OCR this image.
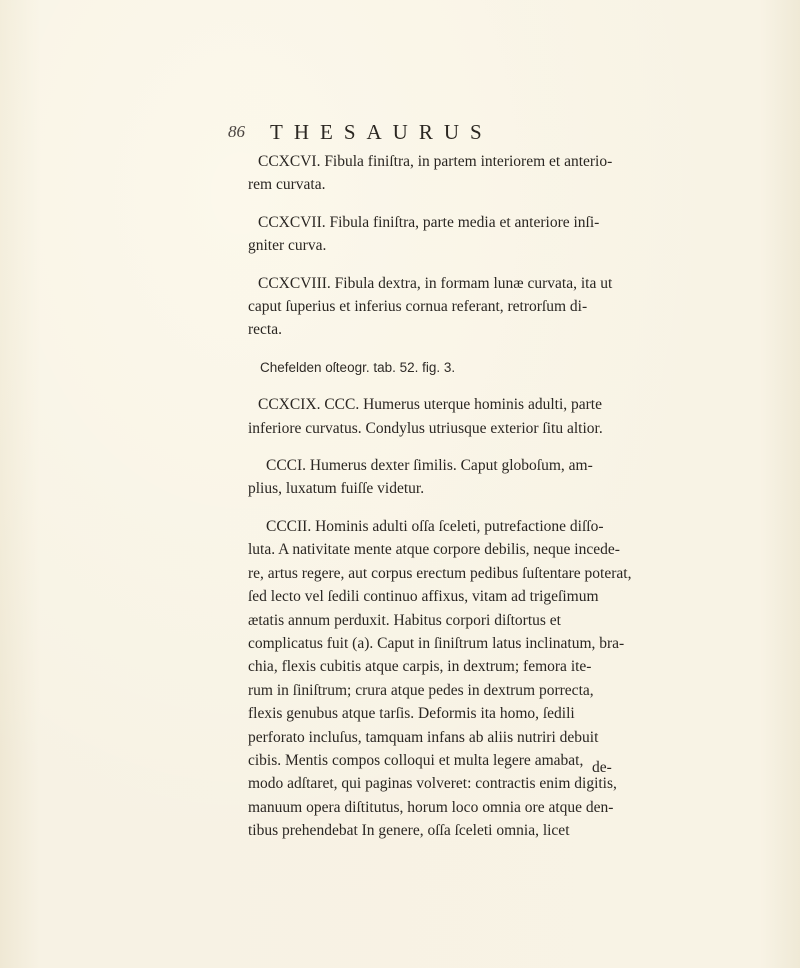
86 THESAURUS

CCXCVI. Fibula finiſtra, in partem interiorem et anterio-
rem curvata.

CCXCVII. Fibula finiſtra, parte media et anteriore inſi-
gniter curva.

CCXCVIII. Fibula dextra, in formam lunæ curvata, ita ut
caput ſuperius et inferius cornua referant, retrorſum di-
recta.

Chefelden oſteogr. tab. 52. fig. 3.

CCXCIX. CCC. Humerus uterque hominis adulti, parte
inferiore curvatus. Condylus utriusque exterior ſitu altior.

CCCI. Humerus dexter ſimilis. Caput globoſum, am-
plius, luxatum fuiſſe videtur.

CCCII. Hominis adulti oſſa ſceleti, putrefactione diſſo-
luta. A nativitate mente atque corpore debilis, neque incede-
re, artus regere, aut corpus erectum pedibus ſuſtentare poterat,
ſed lecto vel ſedili continuo affixus, vitam ad trigeſimum
ætatis annum perduxit. Habitus corpori diſtortus et
complicatus fuit (a). Caput in ſiniſtrum latus inclinatum, bra-
chia, flexis cubitis atque carpis, in dextrum; femora ite-
rum in ſiniſtrum; crura atque pedes in dextrum porrecta,
flexis genubus atque tarſis. Deformis ita homo, ſedili
perforato incluſus, tamquam infans ab aliis nutriri debuit
cibis. Mentis compos colloqui et multa legere amabat,
modo adſtaret, qui paginas volveret: contractis enim digitis,
manuum opera diſtitutus, horum loco omnia ore atque den-
tibus prehendebat In genere, oſſa ſceleti omnia, licet

de-
